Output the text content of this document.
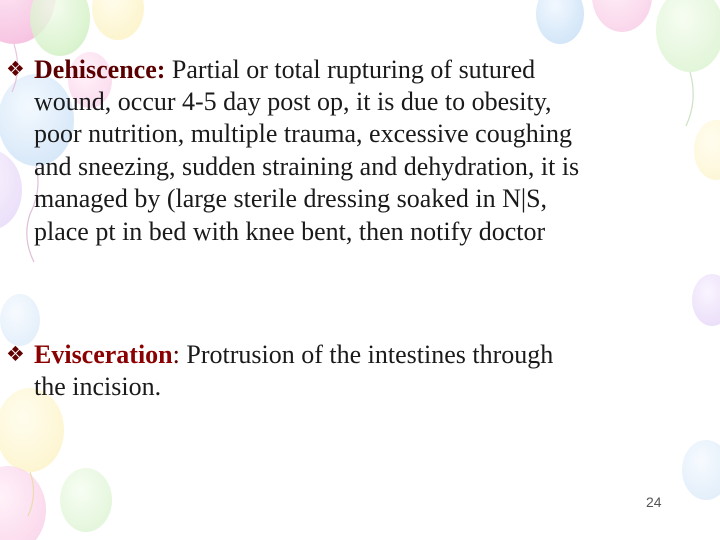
❖ Dehiscence: Partial or total rupturing of sutured
wound, occur 4-5 day post op, it is due to obesity,
poor nutrition, multiple trauma, excessive coughing
and sneezing, sudden straining and dehydration, it is
managed by (large sterile dressing soaked in N|S,
place pt in bed with knee bent, then notify doctor
❖ Evisceration: Protrusion of the intestines through
the incision.
24
